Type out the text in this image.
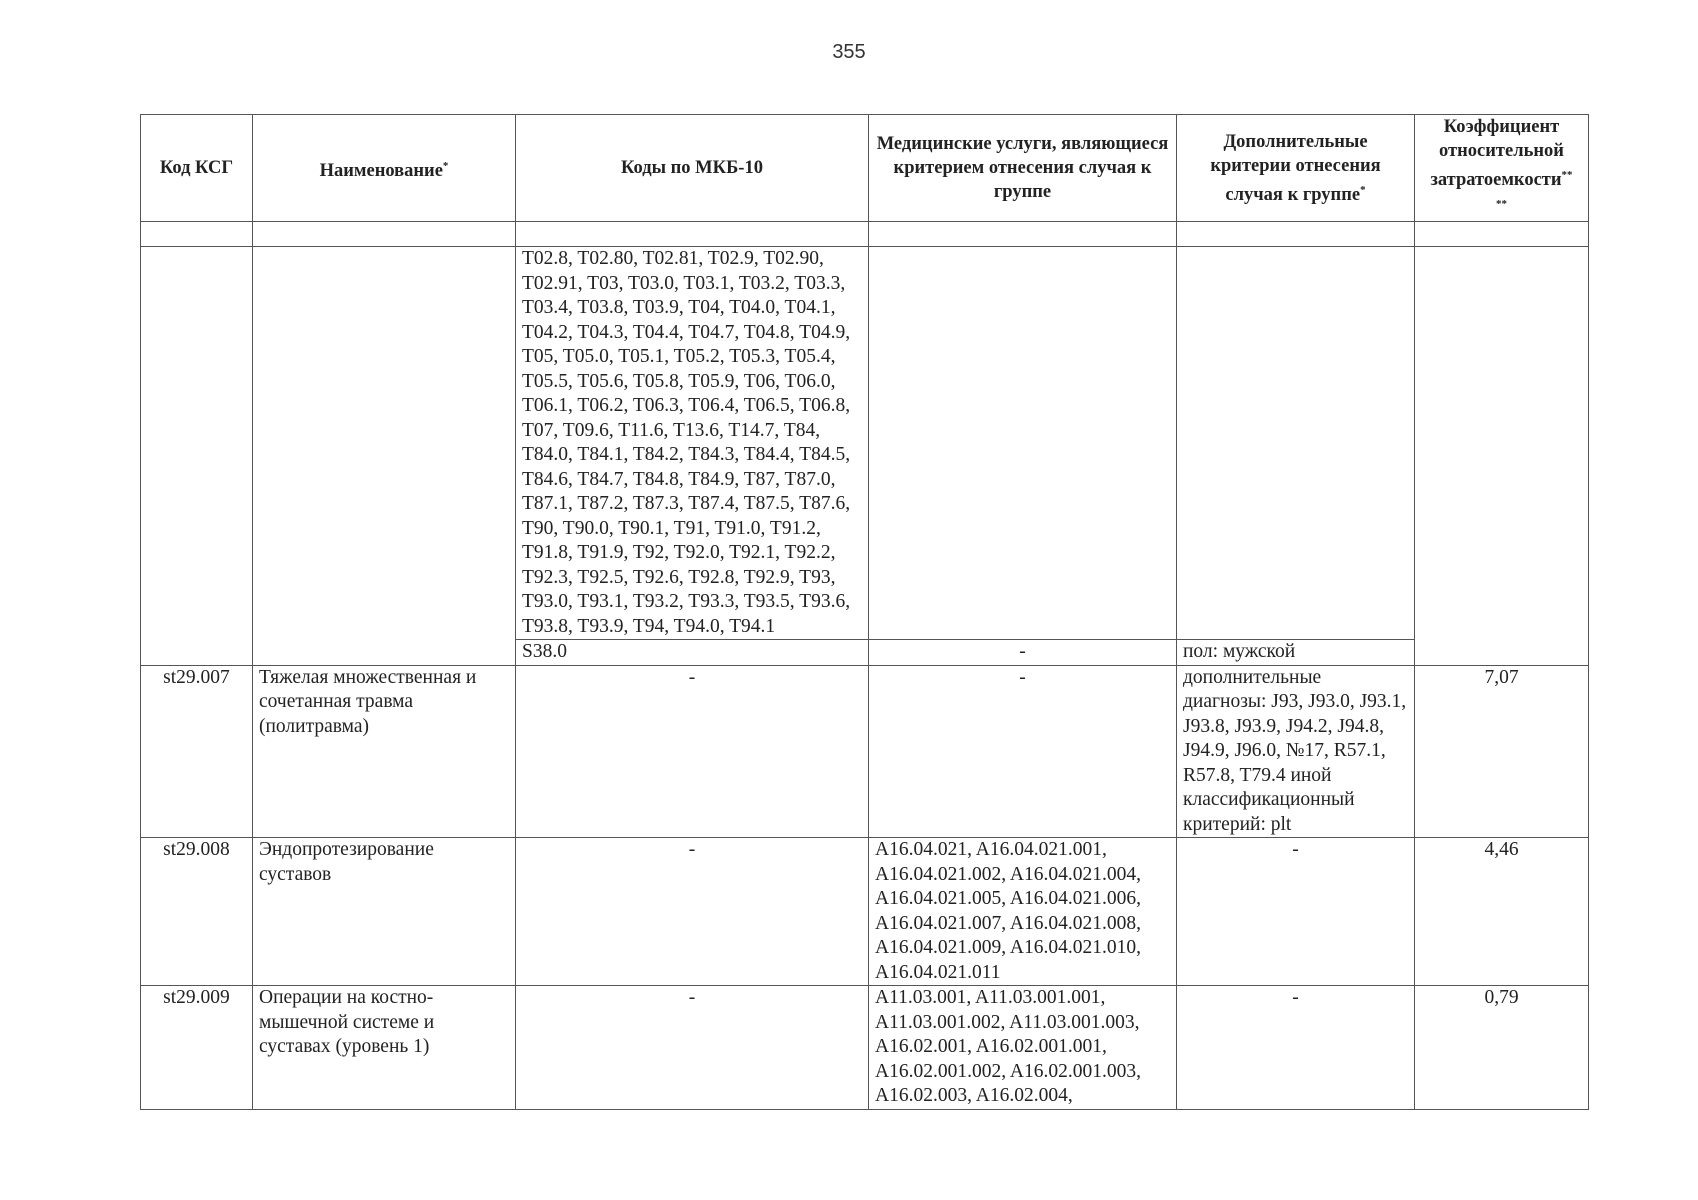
355
Код КСГ	Наименование*	Коды по МКБ-10	Медицинские услуги, являющиеся критерием отнесения случая к группе	Дополнительные критерии отнесения случая к группе*	Коэффициент относительной затратоемкости**
**

		T02.8, T02.80, T02.81, T02.9, T02.90, T02.91, T03, T03.0, T03.1, T03.2, T03.3, T03.4, T03.8, T03.9, T04, T04.0, T04.1, T04.2, T04.3, T04.4, T04.7, T04.8, T04.9, T05, T05.0, T05.1, T05.2, T05.3, T05.4, T05.5, T05.6, T05.8, T05.9, T06, T06.0, T06.1, T06.2, T06.3, T06.4, T06.5, T06.8, T07, T09.6, T11.6, T13.6, T14.7, T84, T84.0, T84.1, T84.2, T84.3, T84.4, T84.5, T84.6, T84.7, T84.8, T84.9, T87, T87.0, T87.1, T87.2, T87.3, T87.4, T87.5, T87.6, T90, T90.0, T90.1, T91, T91.0, T91.2, T91.8, T91.9, T92, T92.0, T92.1, T92.2, T92.3, T92.5, T92.6, T92.8, T92.9, T93, T93.0, T93.1, T93.2, T93.3, T93.5, T93.6, T93.8, T93.9, T94, T94.0, T94.1			
		S38.0	-	пол: мужской	
st29.007	Тяжелая множественная и сочетанная травма (политравма)	-	-	дополнительные диагнозы: J93, J93.0, J93.1, J93.8, J93.9, J94.2, J94.8, J94.9, J96.0, №17, R57.1, R57.8, T79.4 иной классификационный критерий: plt	7,07
st29.008	Эндопротезирование суставов	-	A16.04.021, A16.04.021.001, A16.04.021.002, A16.04.021.004, A16.04.021.005, A16.04.021.006, A16.04.021.007, A16.04.021.008, A16.04.021.009, A16.04.021.010, A16.04.021.011	-	4,46
st29.009	Операции на костно-мышечной системе и суставах (уровень 1)	-	A11.03.001, A11.03.001.001, A11.03.001.002, A11.03.001.003, A16.02.001, A16.02.001.001, A16.02.001.002, A16.02.001.003, A16.02.003, A16.02.004,	-	0,79
